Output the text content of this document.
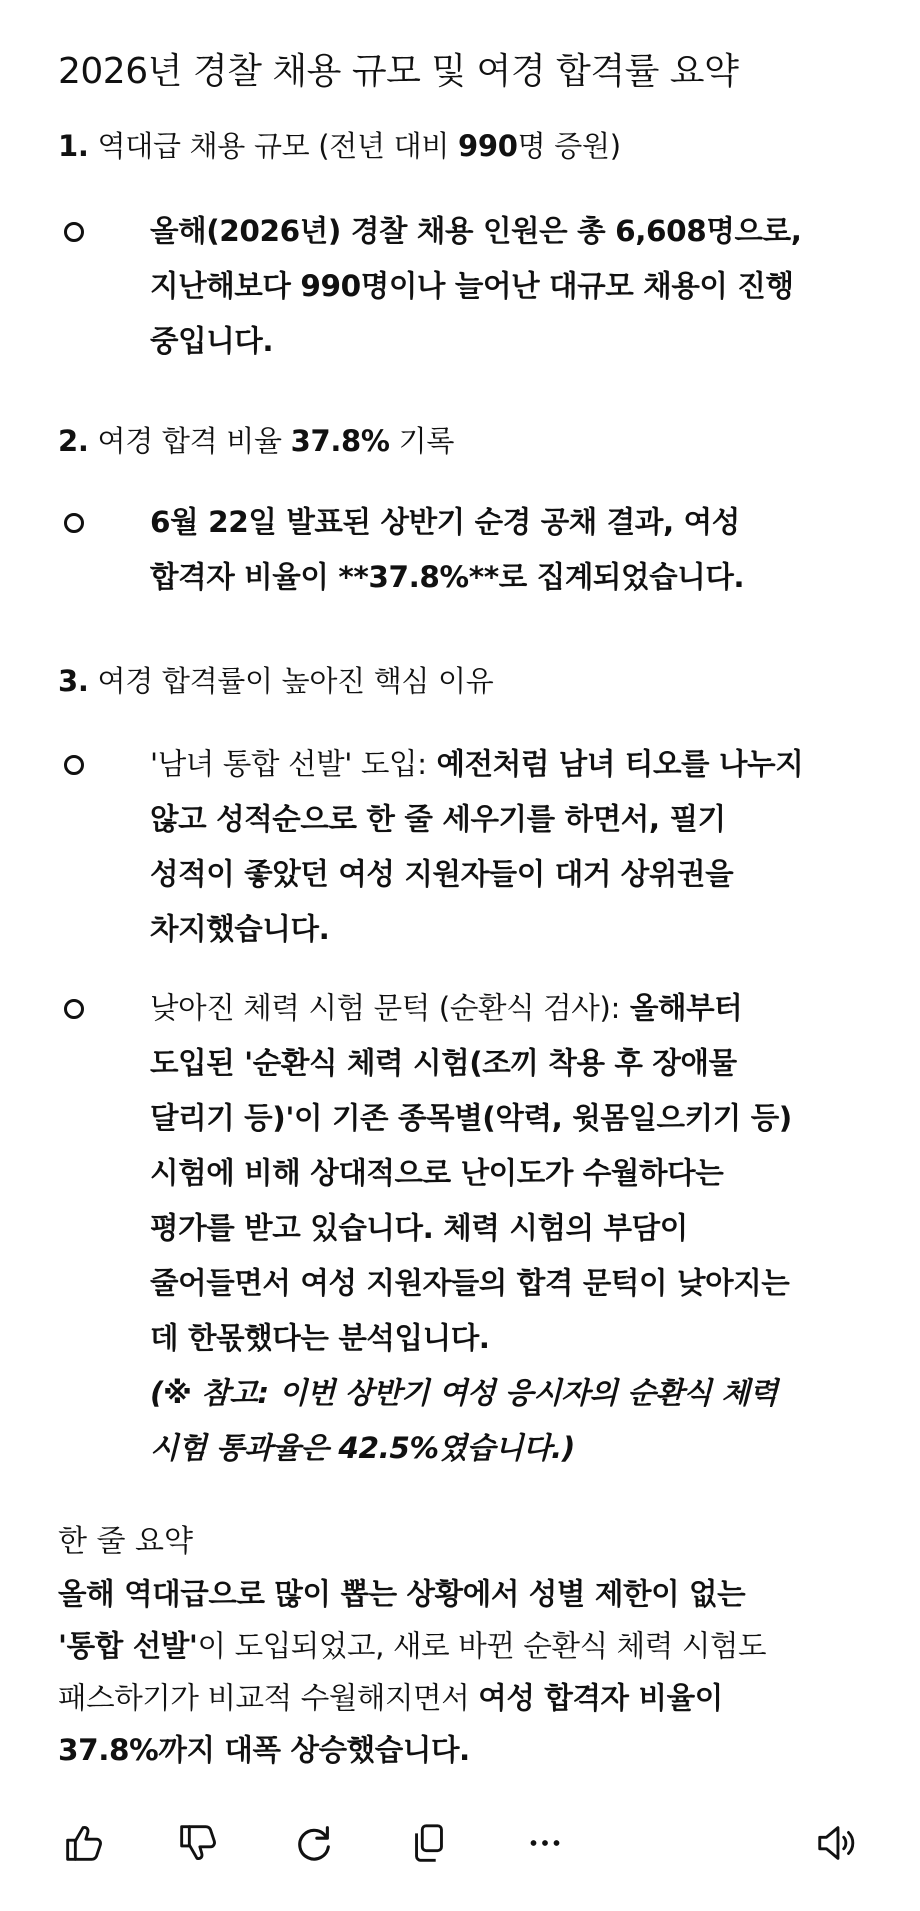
2026년 경찰 채용 규모 및 여경 합격률 요약

1. 역대급 채용 규모 (전년 대비 990명 증원)

올해(2026년) 경찰 채용 인원은 총 6,608명으로,
지난해보다 990명이나 늘어난 대규모 채용이 진행
중입니다.

2. 여경 합격 비율 37.8% 기록

6월 22일 발표된 상반기 순경 공채 결과, 여성
합격자 비율이 **37.8%**로 집계되었습니다.

3. 여경 합격률이 높아진 핵심 이유

'남녀 통합 선발' 도입: 예전처럼 남녀 티오를 나누지
않고 성적순으로 한 줄 세우기를 하면서, 필기
성적이 좋았던 여성 지원자들이 대거 상위권을
차지했습니다.
낮아진 체력 시험 문턱 (순환식 검사): 올해부터
도입된 '순환식 체력 시험(조끼 착용 후 장애물
달리기 등)'이 기존 종목별(악력, 윗몸일으키기 등)
시험에 비해 상대적으로 난이도가 수월하다는
평가를 받고 있습니다. 체력 시험의 부담이
줄어들면서 여성 지원자들의 합격 문턱이 낮아지는
데 한몫했다는 분석입니다.
(※ 참고: 이번 상반기 여성 응시자의 순환식 체력
시험 통과율은 42.5%였습니다.)
한 줄 요약
올해 역대급으로 많이 뽑는 상황에서 성별 제한이 없는
'통합 선발'이 도입되었고, 새로 바뀐 순환식 체력 시험도
패스하기가 비교적 수월해지면서 여성 합격자 비율이
37.8%까지 대폭 상승했습니다.
